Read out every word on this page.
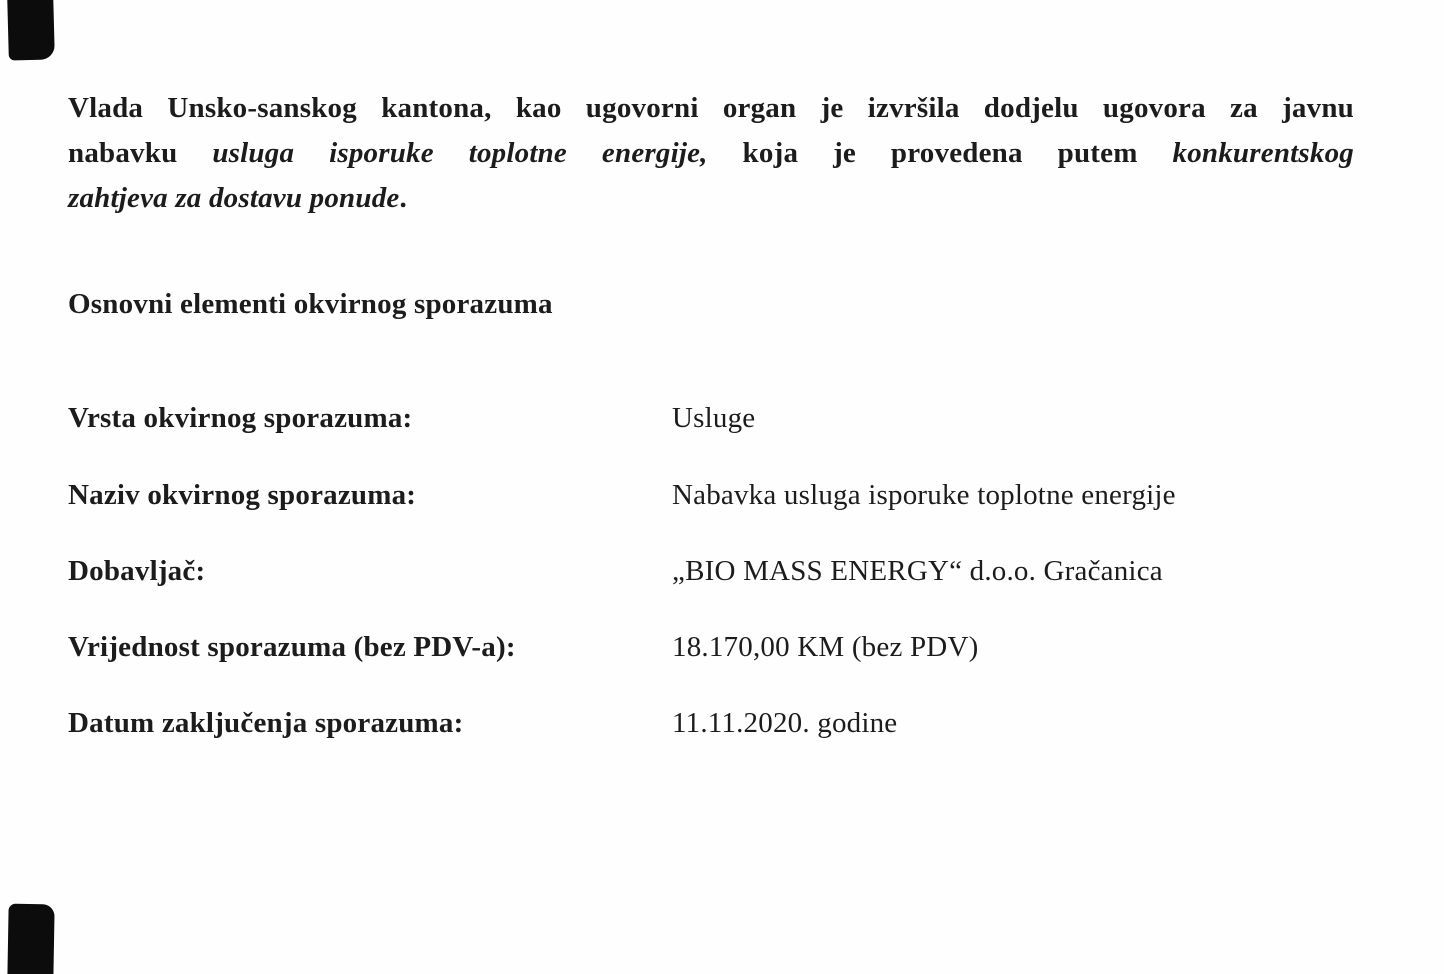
Vlada Unsko-sanskog kantona, kao ugovorni organ je izvršila dodjelu ugovora za javnu
nabavku usluga isporuke toplotne energije, koja je provedena putem konkurentskog
zahtjeva za dostavu ponude.
Osnovni elementi okvirnog sporazuma
Vrsta okvirnog sporazuma:	Usluge
Naziv okvirnog sporazuma:	Nabavka usluga isporuke toplotne energije
Dobavljač:	„BIO MASS ENERGY“ d.o.o. Gračanica
Vrijednost sporazuma (bez PDV-a):	18.170,00 KM (bez PDV)
Datum zaključenja sporazuma:	11.11.2020. godine
